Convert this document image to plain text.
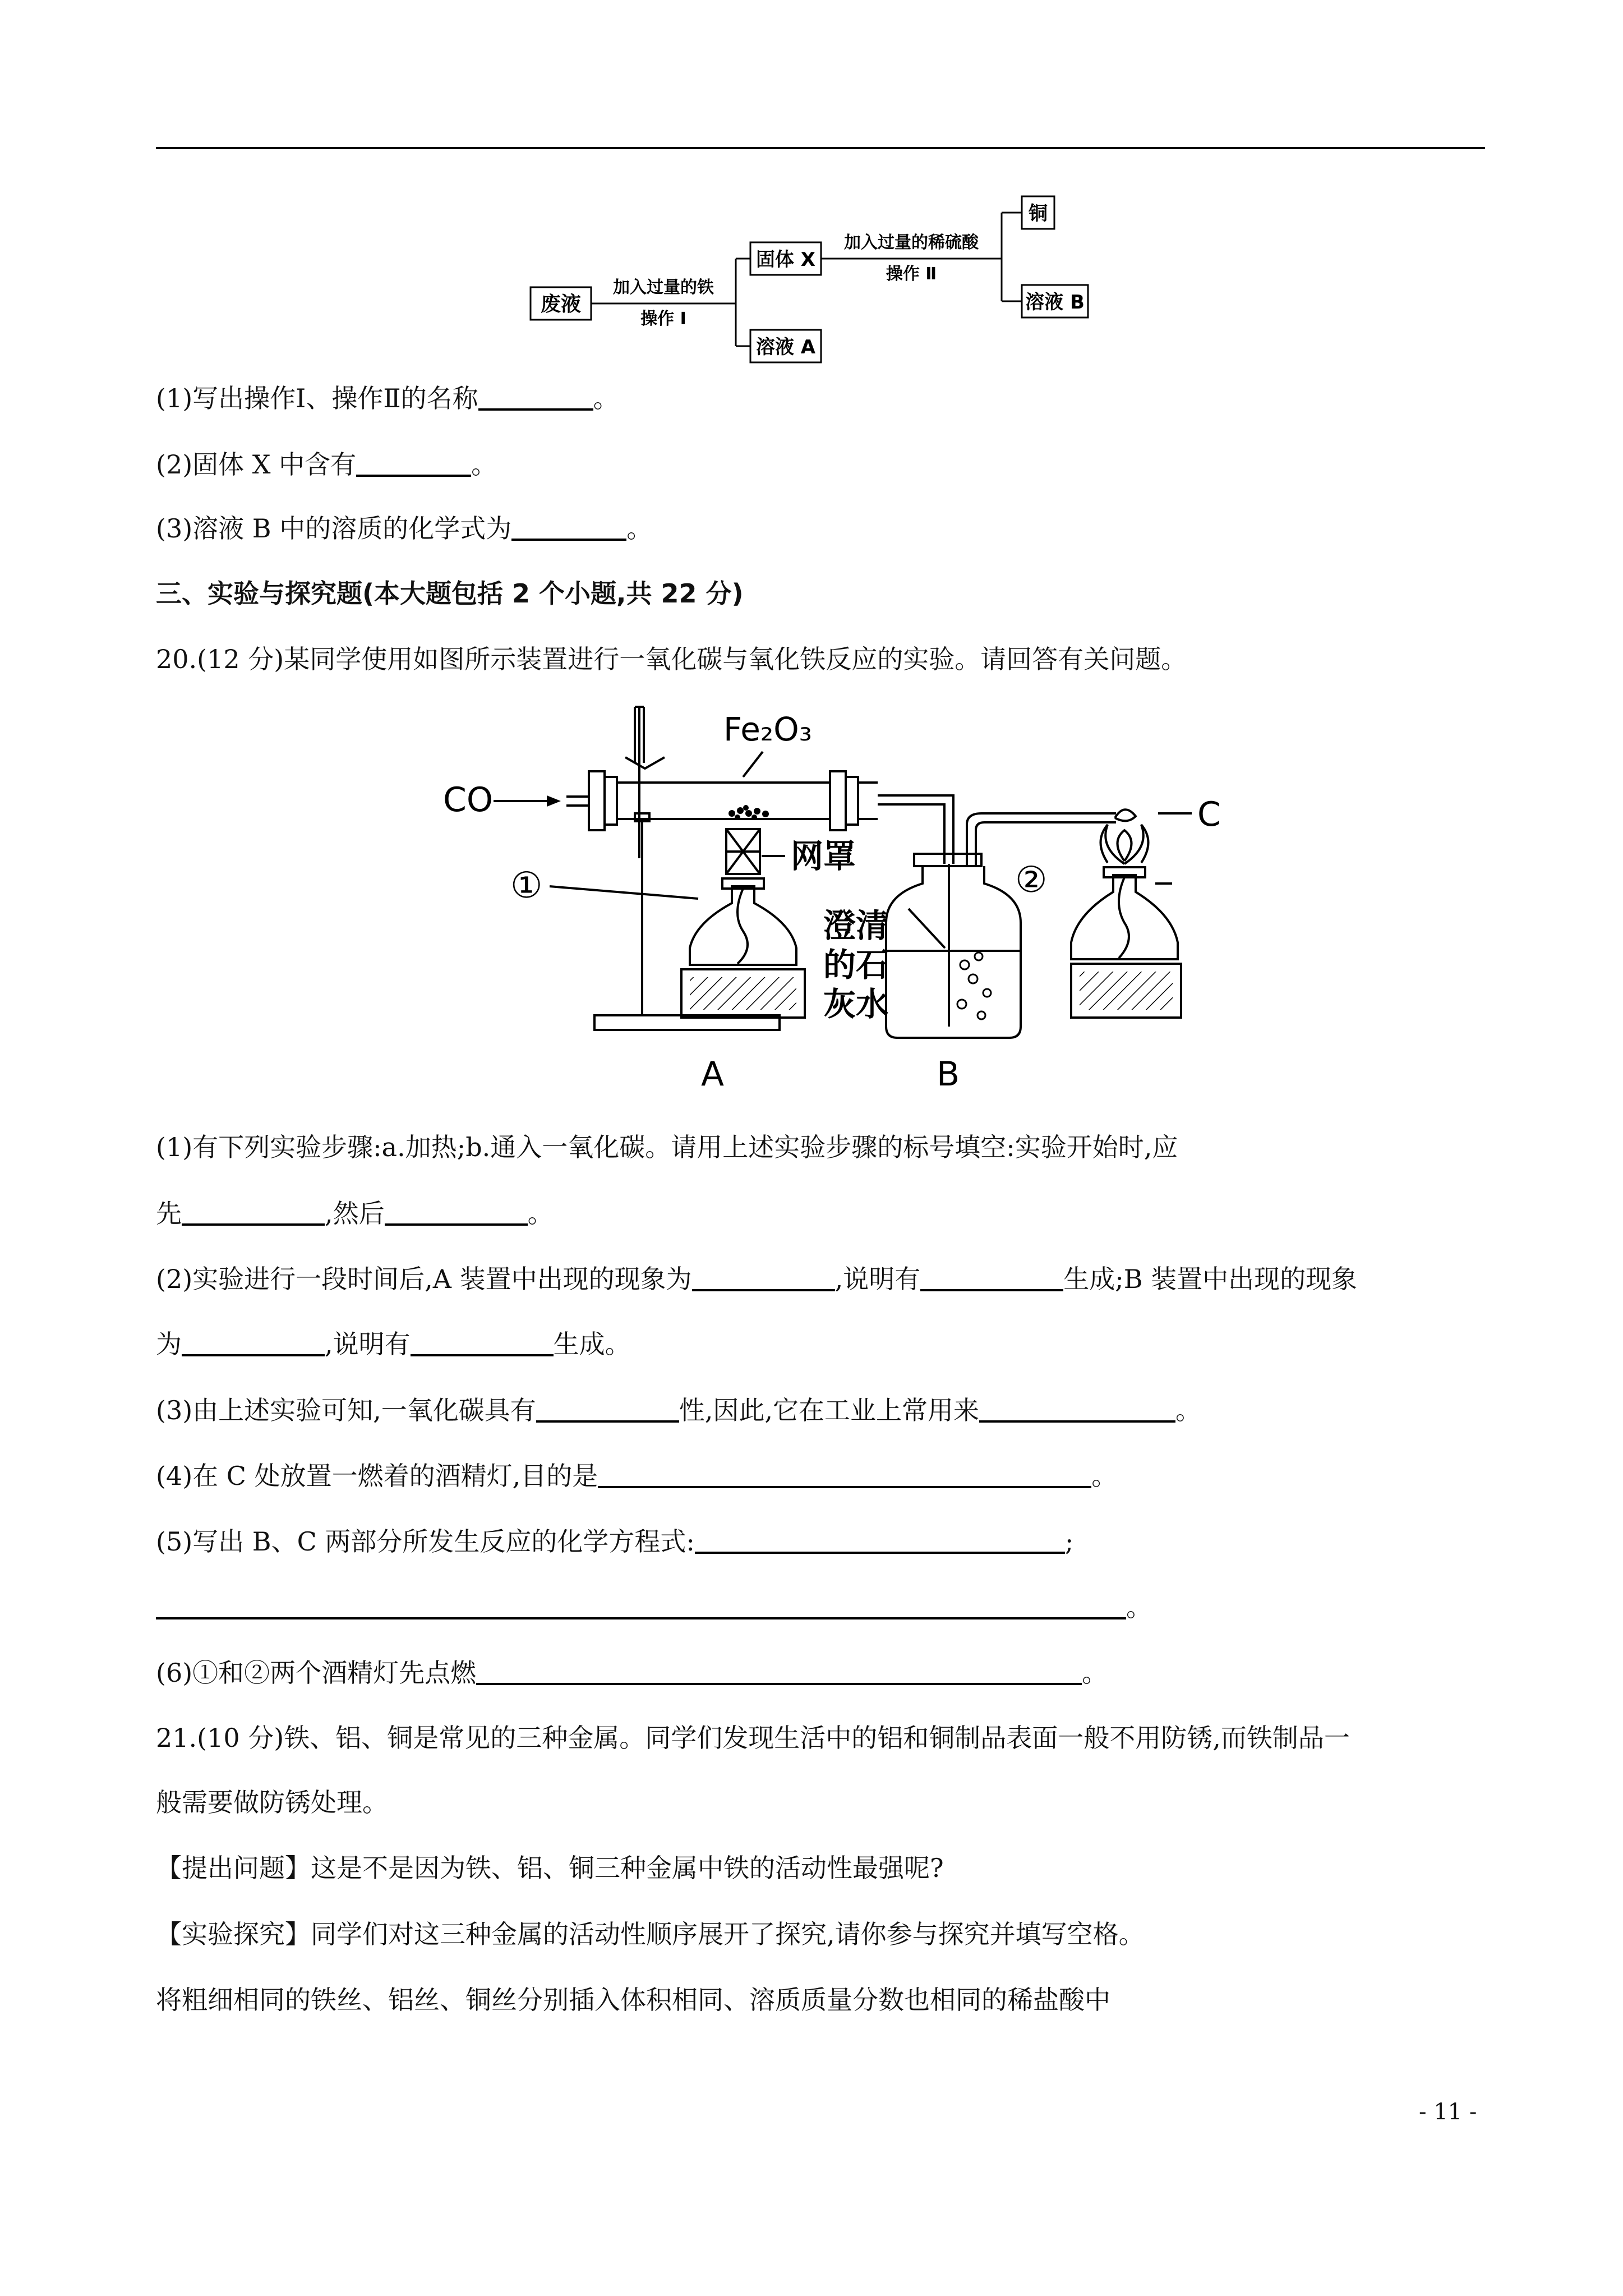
废液
加入过量的铁
操作 Ⅰ
固体 X
溶液 A
加入过量的稀硫酸
操作 Ⅱ
铜
溶液 B
(1)写出操作Ⅰ、操作Ⅱ的名称	。
(2)固体 X 中含有	。
(3)溶液 B 中的溶质的化学式为	。
三、实验与探究题(本大题包括 2 个小题,共 22 分)
20.(12 分)某同学使用如图所示装置进行一氧化碳与氧化铁反应的实验。请回答有关问题。
CO
Fe₂O₃
网罩
①
澄清
的石
灰水
②
C
A	B
(1)有下列实验步骤:a.加热;b.通入一氧化碳。请用上述实验步骤的标号填空:实验开始时,应
先	,然后	。
(2)实验进行一段时间后,A 装置中出现的现象为	,说明有	生成;B 装置中出现的现象
为	,说明有	生成。
(3)由上述实验可知,一氧化碳具有	性,因此,它在工业上常用来	。
(4)在 C 处放置一燃着的酒精灯,目的是	。
(5)写出 B、C 两部分所发生反应的化学方程式:	;
。
(6)①和②两个酒精灯先点燃	。
21.(10 分)铁、铝、铜是常见的三种金属。同学们发现生活中的铝和铜制品表面一般不用防锈,而铁制品一
般需要做防锈处理。
【提出问题】这是不是因为铁、铝、铜三种金属中铁的活动性最强呢?
【实验探究】同学们对这三种金属的活动性顺序展开了探究,请你参与探究并填写空格。
将粗细相同的铁丝、铝丝、铜丝分别插入体积相同、溶质质量分数也相同的稀盐酸中
- 11 -
